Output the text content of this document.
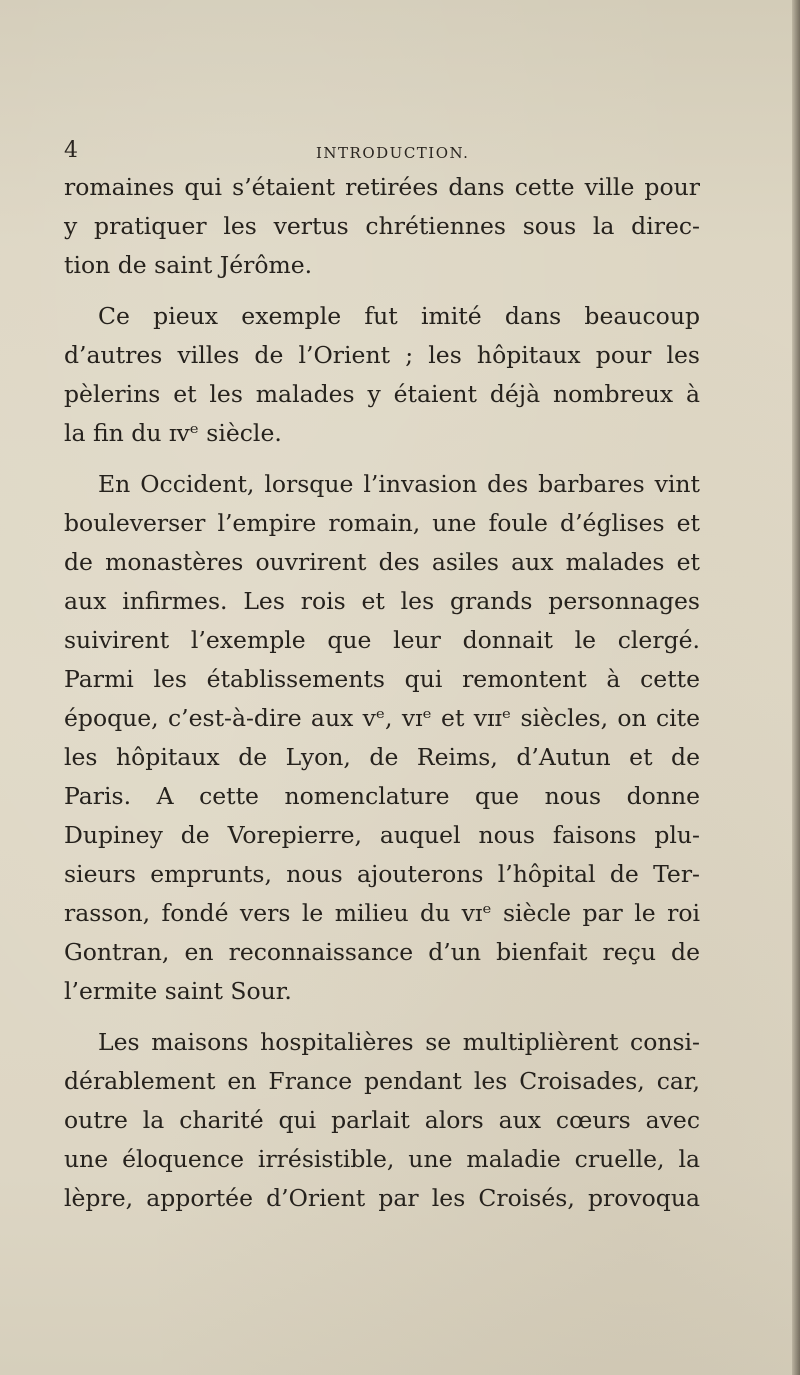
4	INTRODUCTION.
romaines qui s’étaient retirées dans cette ville pour
y pratiquer les vertus chrétiennes sous la direc-
tion de saint Jérôme.
Ce pieux exemple fut imité dans beaucoup
d’autres villes de l’Orient ; les hôpitaux pour les
pèlerins et les malades y étaient déjà nombreux à
la fin du ɪᴠᵉ siècle.
En Occident, lorsque l’invasion des barbares vint
bouleverser l’empire romain, une foule d’églises et
de monastères ouvrirent des asiles aux malades et
aux infirmes. Les rois et les grands personnages
suivirent l’exemple que leur donnait le clergé.
Parmi les établissements qui remontent à cette
époque, c’est-à-dire aux ᴠᵉ, ᴠɪᵉ et ᴠɪɪᵉ siècles, on cite
les hôpitaux de Lyon, de Reims, d’Autun et de
Paris. A cette nomenclature que nous donne
Dupiney de Vorepierre, auquel nous faisons plu-
sieurs emprunts, nous ajouterons l’hôpital de Ter-
rasson, fondé vers le milieu du ᴠɪᵉ siècle par le roi
Gontran, en reconnaissance d’un bienfait reçu de
l’ermite saint Sour.
Les maisons hospitalières se multiplièrent consi-
dérablement en France pendant les Croisades, car,
outre la charité qui parlait alors aux cœurs avec
une éloquence irrésistible, une maladie cruelle, la
lèpre, apportée d’Orient par les Croisés, provoqua
